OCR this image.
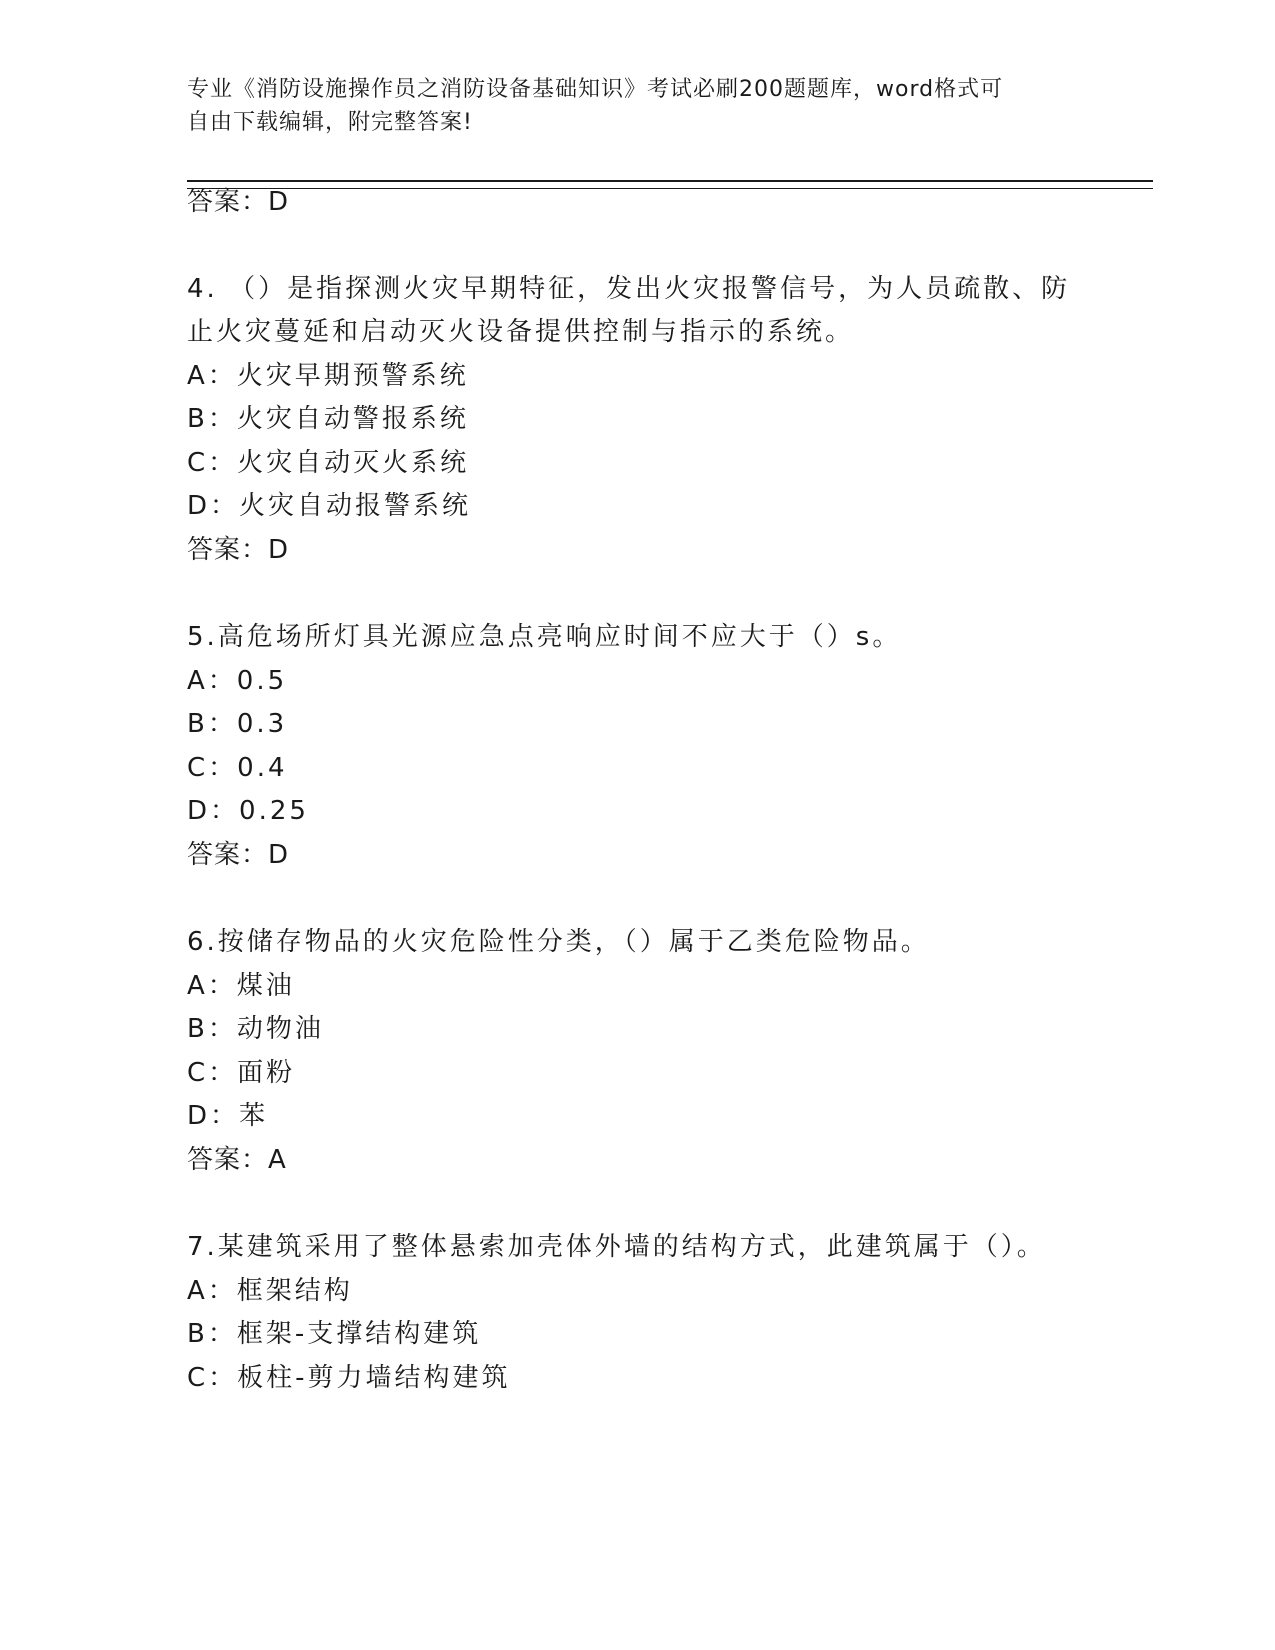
专业《消防设施操作员之消防设备基础知识》考试必刷200题题库，word格式可
自由下载编辑，附完整答案!
答案：D
4. （）是指探测火灾早期特征，发出火灾报警信号，为人员疏散、防
止火灾蔓延和启动灭火设备提供控制与指示的系统。
A：火灾早期预警系统
B：火灾自动警报系统
C：火灾自动灭火系统
D：火灾自动报警系统
答案：D
5.高危场所灯具光源应急点亮响应时间不应大于（）s。
A：0.5
B：0.3
C：0.4
D：0.25
答案：D
6.按储存物品的火灾危险性分类，（）属于乙类危险物品。
A：煤油
B：动物油
C：面粉
D：苯
答案：A
7.某建筑采用了整体悬索加壳体外墙的结构方式，此建筑属于（）。
A：框架结构
B：框架-支撑结构建筑
C：板柱-剪力墙结构建筑
